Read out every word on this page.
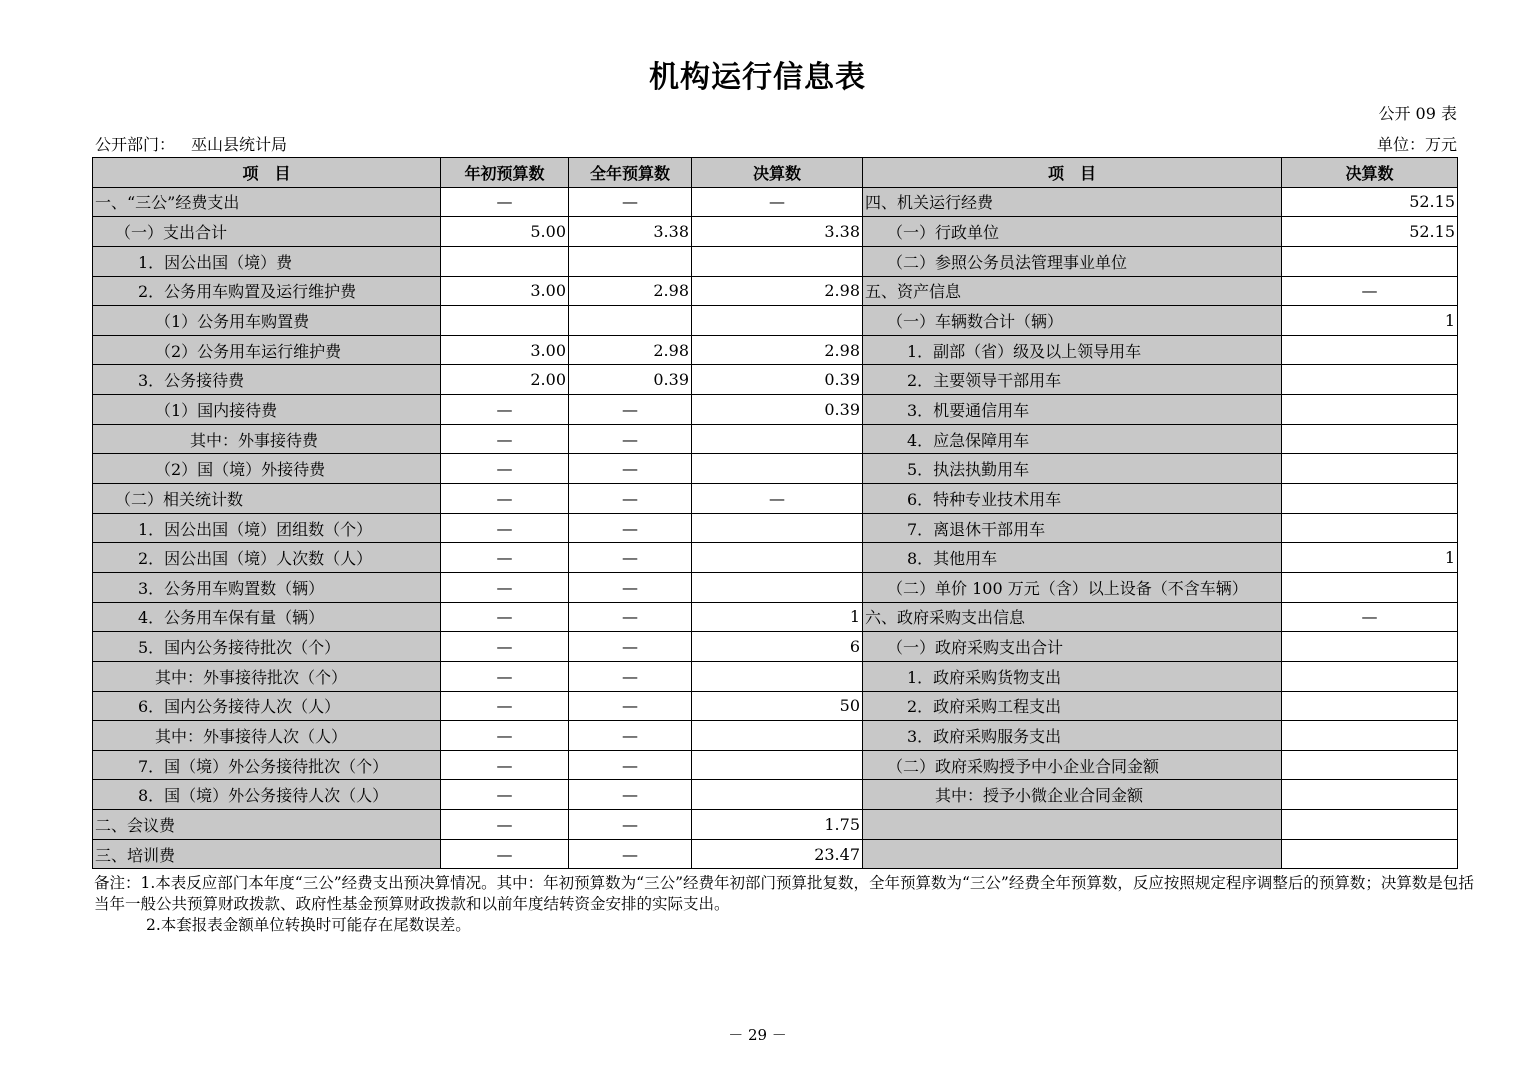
机构运行信息表
公开 09 表
公开部门： 巫山县统计局	单位：万元
项　目	年初预算数	全年预算数	决算数	项　目	决算数
一、“三公”经费支出	—	—	—	四、机关运行经费	52.15
（一）支出合计	5.00	3.38	3.38	（一）行政单位	52.15
1．因公出国（境）费				（二）参照公务员法管理事业单位	
2．公务用车购置及运行维护费	3.00	2.98	2.98	五、资产信息	—
（1）公务用车购置费				（一）车辆数合计（辆）	1
（2）公务用车运行维护费	3.00	2.98	2.98	1．副部（省）级及以上领导用车	
3．公务接待费	2.00	0.39	0.39	2．主要领导干部用车	
（1）国内接待费	—	—	0.39	3．机要通信用车	
其中：外事接待费	—	—		4．应急保障用车	
（2）国（境）外接待费	—	—		5．执法执勤用车	
（二）相关统计数	—	—	—	6．特种专业技术用车	
1．因公出国（境）团组数（个）	—	—		7．离退休干部用车	
2．因公出国（境）人次数（人）	—	—		8．其他用车	1
3．公务用车购置数（辆）	—	—		（二）单价 100 万元（含）以上设备（不含车辆）	
4．公务用车保有量（辆）	—	—	1	六、政府采购支出信息	—
5．国内公务接待批次（个）	—	—	6	（一）政府采购支出合计	
其中：外事接待批次（个）	—	—		1．政府采购货物支出	
6．国内公务接待人次（人）	—	—	50	2．政府采购工程支出	
其中：外事接待人次（人）	—	—		3．政府采购服务支出	
7．国（境）外公务接待批次（个）	—	—		（二）政府采购授予中小企业合同金额	
8．国（境）外公务接待人次（人）	—	—		其中：授予小微企业合同金额	
二、会议费	—	—	1.75		
三、培训费	—	—	23.47		

备注：1.本表反应部门本年度“三公”经费支出预决算情况。其中：年初预算数为“三公”经费年初部门预算批复数，全年预算数为“三公”经费全年预算数，反应按照规定程序调整后的预算数；决算数是包括当年一般公共预算财政拨款、政府性基金预算财政拨款和以前年度结转资金安排的实际支出。

2.本套报表金额单位转换时可能存在尾数误差。

－ 29 －
